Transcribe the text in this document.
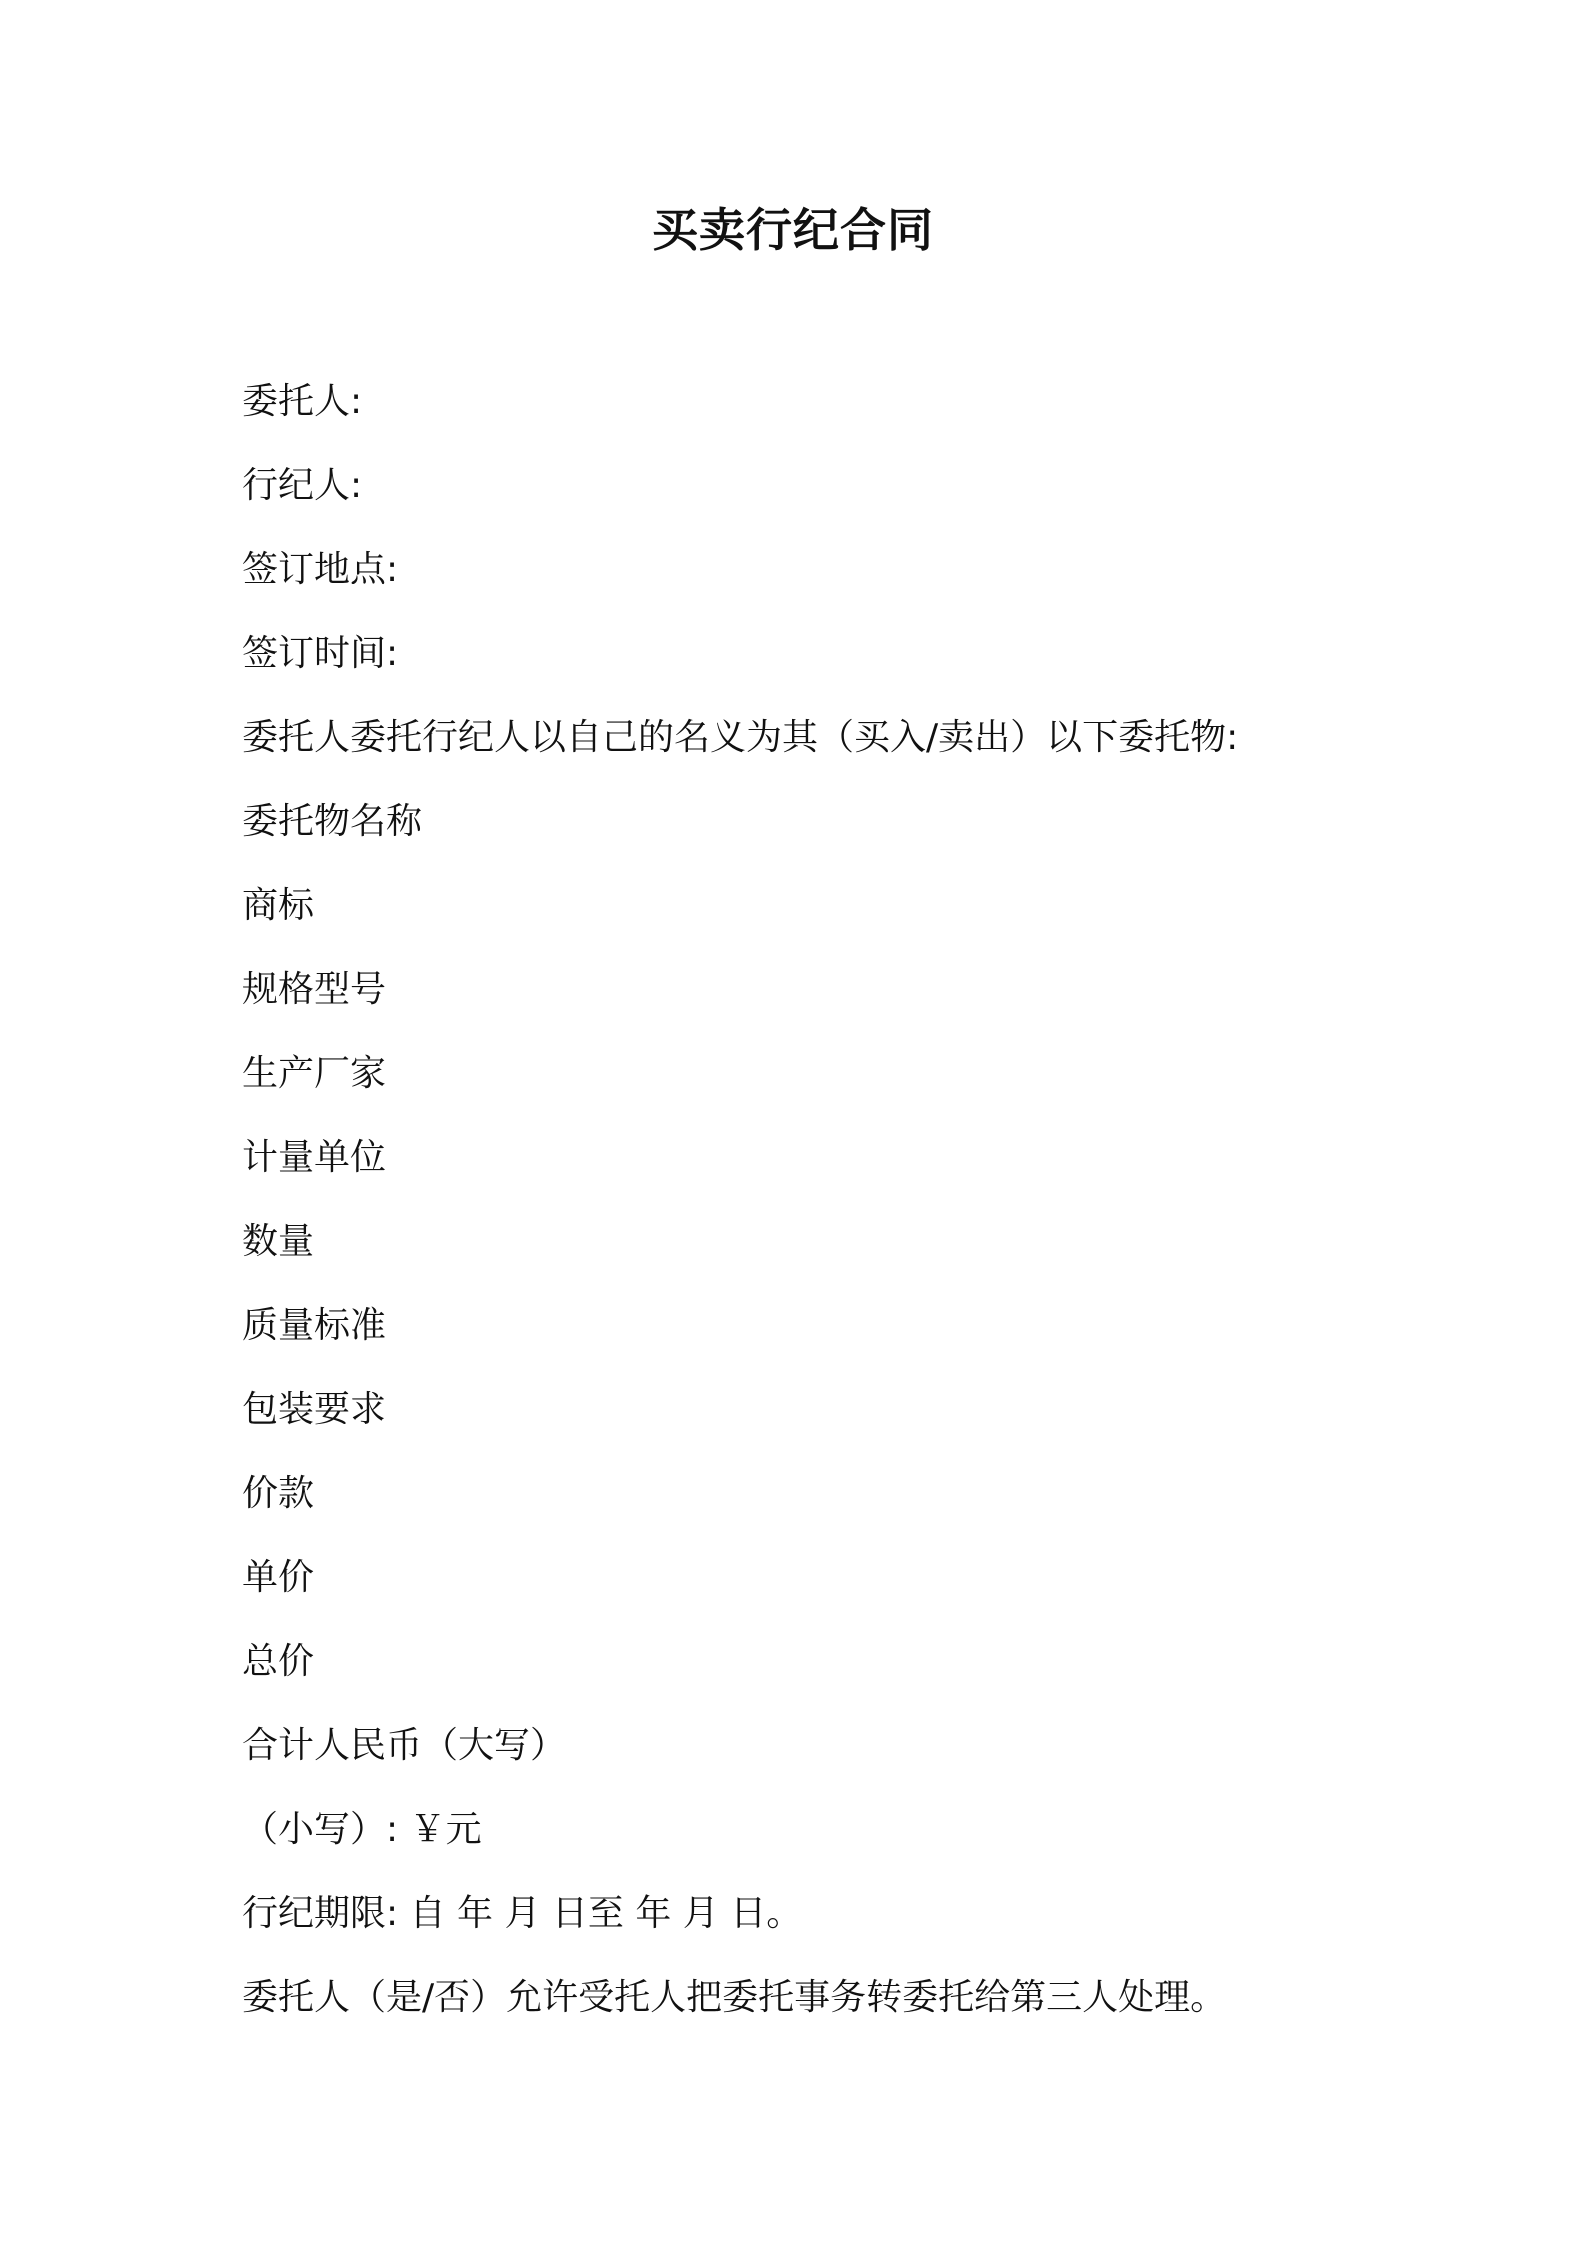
买卖行纪合同
委托人:
行纪人:
签订地点:
签订时间:
委托人委托行纪人以自己的名义为其（买入/卖出）以下委托物:
委托物名称
商标
规格型号
生产厂家
计量单位
数量
质量标准
包装要求
价款
单价
总价
合计人民币（大写）
（小写）: ￥元
行纪期限: 自 年 月 日至 年 月 日。
委托人（是/否）允许受托人把委托事务转委托给第三人处理。
